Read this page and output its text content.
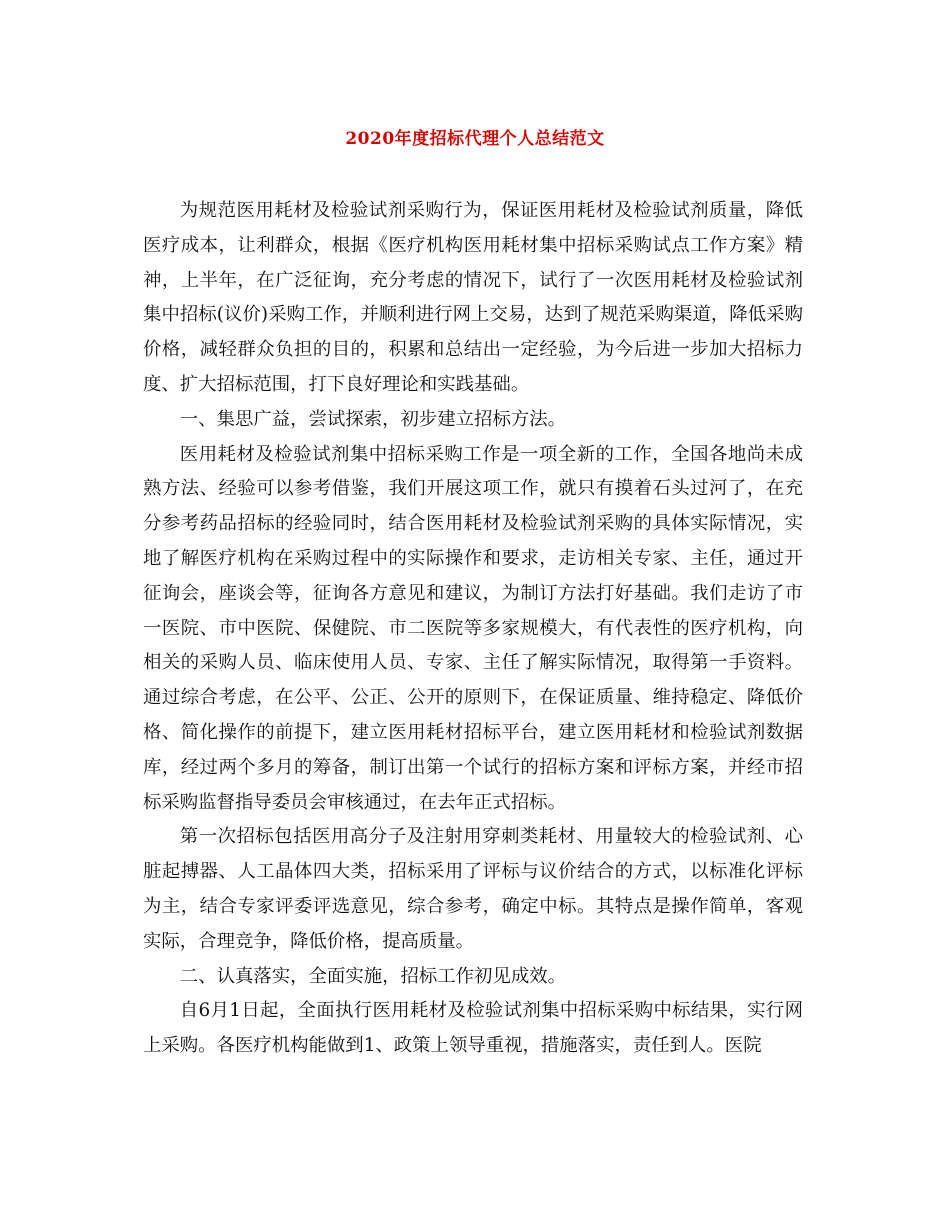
2020年度招标代理个人总结范文

为规范医用耗材及检验试剂采购行为，保证医用耗材及检验试剂质量，降低医疗成本，让利群众，根据《医疗机构医用耗材集中招标采购试点工作方案》精神，上半年，在广泛征询，充分考虑的情况下，试行了一次医用耗材及检验试剂集中招标(议价)采购工作，并顺利进行网上交易，达到了规范采购渠道，降低采购价格，减轻群众负担的目的，积累和总结出一定经验，为今后进一步加大招标力度、扩大招标范围，打下良好理论和实践基础。

一、集思广益，尝试探索，初步建立招标方法。

医用耗材及检验试剂集中招标采购工作是一项全新的工作，全国各地尚未成熟方法、经验可以参考借鉴，我们开展这项工作，就只有摸着石头过河了，在充分参考药品招标的经验同时，结合医用耗材及检验试剂采购的具体实际情况，实地了解医疗机构在采购过程中的实际操作和要求，走访相关专家、主任，通过开征询会，座谈会等，征询各方意见和建议，为制订方法打好基础。我们走访了市一医院、市中医院、保健院、市二医院等多家规模大，有代表性的医疗机构，向相关的采购人员、临床使用人员、专家、主任了解实际情况，取得第一手资料。通过综合考虑，在公平、公正、公开的原则下，在保证质量、维持稳定、降低价格、简化操作的前提下，建立医用耗材招标平台，建立医用耗材和检验试剂数据库，经过两个多月的筹备，制订出第一个试行的招标方案和评标方案，并经市招标采购监督指导委员会审核通过，在去年正式招标。

第一次招标包括医用高分子及注射用穿刺类耗材、用量较大的检验试剂、心脏起搏器、人工晶体四大类，招标采用了评标与议价结合的方式，以标准化评标为主，结合专家评委评选意见，综合参考，确定中标。其特点是操作简单，客观实际，合理竞争，降低价格，提高质量。

二、认真落实，全面实施，招标工作初见成效。

自6月1日起，全面执行医用耗材及检验试剂集中招标采购中标结果，实行网上采购。各医疗机构能做到1、政策上领导重视，措施落实，责任到人。医院
